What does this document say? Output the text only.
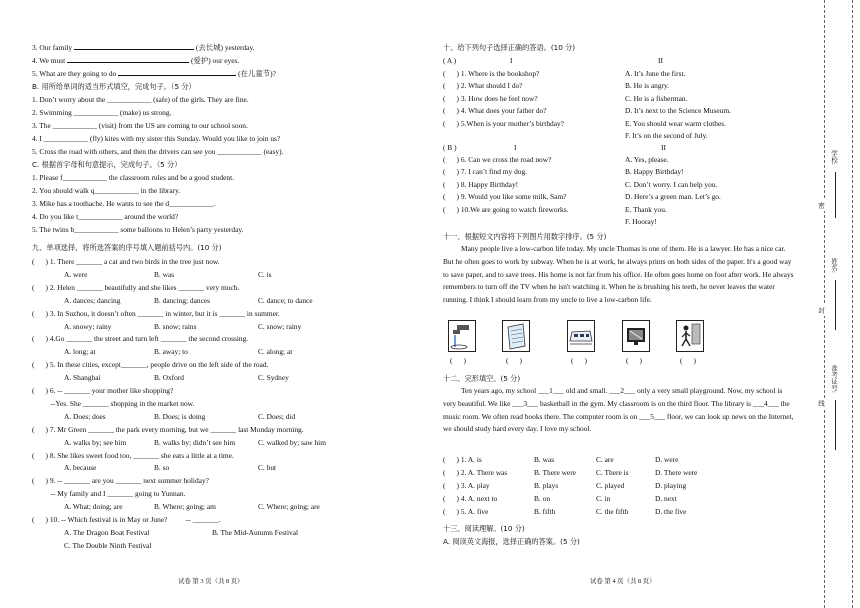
3. Our family	(去长城) yesterday.
4. We must	(爱护) our eyes.
5. What are they going to do	(在儿童节)?
B. 用所给单词的适当形式填空，完成句子。（5 分）
1. Don’t worry about the ____________ (safe) of the girls. They are fine.
2. Swimming ____________ (make) us strong.
3. The ____________ (visit) from the US are coming to our school soon.
4. I ____________ (fly) kites with my sister this Sunday. Would you like to join us?
5. Cross the road with others, and then the drivers can see you ____________ (easy).
C. 根据首字母和句意提示，完成句子。（5 分）
1. Please f____________ the classroom rules and be a good student.
2. You should walk q____________ in the library.
3. Mike has a toothache. He wants to see the d____________.
4. Do you like t____________ around the world?
5. The twins b____________ some balloons to Helen’s party yesterday.
九、单项选择，将所选答案的序号填入题前括号内。(10 分)
(      ) 1. There _______ a cat and two birds in the tree just now.
A. were	B. was	C. is
(      ) 2. Helen _______ beautifully and she likes _______ very much.
A. dances; dancing	B. dancing; dances	C. dance; to dance
(      ) 3. In Suzhou, it doesn’t often _______ in winter, but it is _______ in summer.
A. snowy; rainy	B. snow; rains	C. snow; rainy
(      ) 4.Go _______ the street and turn left _______ the second crossing.
A. long; at	B. away; to	C. along; at
(      ) 5. In these cities, except_______, people drive on the left side of the road.
A. Shanghai	B. Oxford	C. Sydney
(      ) 6. -- _______ your mother like shopping?
--Yes. She _______ shopping in the market now.
A. Does; does	B. Does; is doing	C. Does; did
(      ) 7. Mr Green _______ the park every morning, but we _______ last Monday morning.
A. walks by; see him	B. walks by; didn’t see him	C. walked by; saw him
(      ) 8. She likes sweet food too, _______ she eats a little at a time.
A. because	B. so	C. but
(      ) 9. -- _______ are you _______ next summer holiday?
-- My family and I _______ going to Yunnan.
A. What; doing; are	B. Where; going; am	C. Where; going; are
(      ) 10. -- Which festival is in May or June?          -- _______.
A. The Dragon Boat Festival	B. The Mid-Autumn Festival
C. The Double Ninth Festival
试卷 第 3 页（共 8 页）
十、给下列句子选择正确的答语。(10 分)
( A )	I	II
(      ) 1. Where is the bookshop?
(      ) 2. What should I do?
(      ) 3. How does he feel now?
(      ) 4. What does your father do?
(      ) 5.When is your mother’s birthday?
A. It’s June the first.
B. He is angry.
C. He is a fisherman.
D. It’s next to the Science Museum.
E. You should wear warm clothes.
F. It’s on the second of July.
( B )	I	II
(      ) 6. Can we cross the road now?
(      ) 7. I can’t find my dog.
(      ) 8. Happy Birthday!
(      ) 9. Would you like some milk, Sam?
(      ) 10.We are going to watch fireworks.
A. Yes, please.
B. Happy Birthday!
C. Don’t worry. I can help you.
D. Here’s a green man. Let’s go.
E. Thank you.
F. Hooray!
十一、根据短文内容将下列图片用数字排序。(5 分)
Many people live a low-carbon life today. My uncle Thomas is one of them. He is a lawyer. He has a nice car. But he often goes to work by subway. When he is at work, he always prints on both sides of the paper. It's a good way to save paper, and to save trees. His home is not far from his office. He often goes home on foot after work. He always remembers to turn off the TV when he isn't watching it. When he is brushing his teeth, he never leaves the water running. I think I should learn from my uncle to live a low-carbon life.
(      )	(      )	(      )	(      )	(      )
十二、完形填空。(5 分)
Ten years ago, my school ___1___ old and small. ___2___ only a very small playground. Now, my school is very beautiful. We like ___3___ basketball in the gym. My classroom is on the third floor. The library is ___4___ the music room. We often read books there. The computer room is on ___5___ floor, we can look up news on the Internet, we should study hard every day. I love my school.
(      ) 1. A. is	B. was	C. are	D. were
(      ) 2. A. There was	B. There were	C. There is	D. There were
(      ) 3. A. play	B. plays	C. played	D. playing
(      ) 4. A. next to	B. on	C. in	D. next
(      ) 5. A. five	B. fifth	C. the fifth	D. the five
十三、阅读理解。(10 分)
A. 阅读英文海报，选择正确的答案。(5 分)
试卷 第 4 页（共 8 页）
学校:
密
姓名:
封
准考证号:
线
